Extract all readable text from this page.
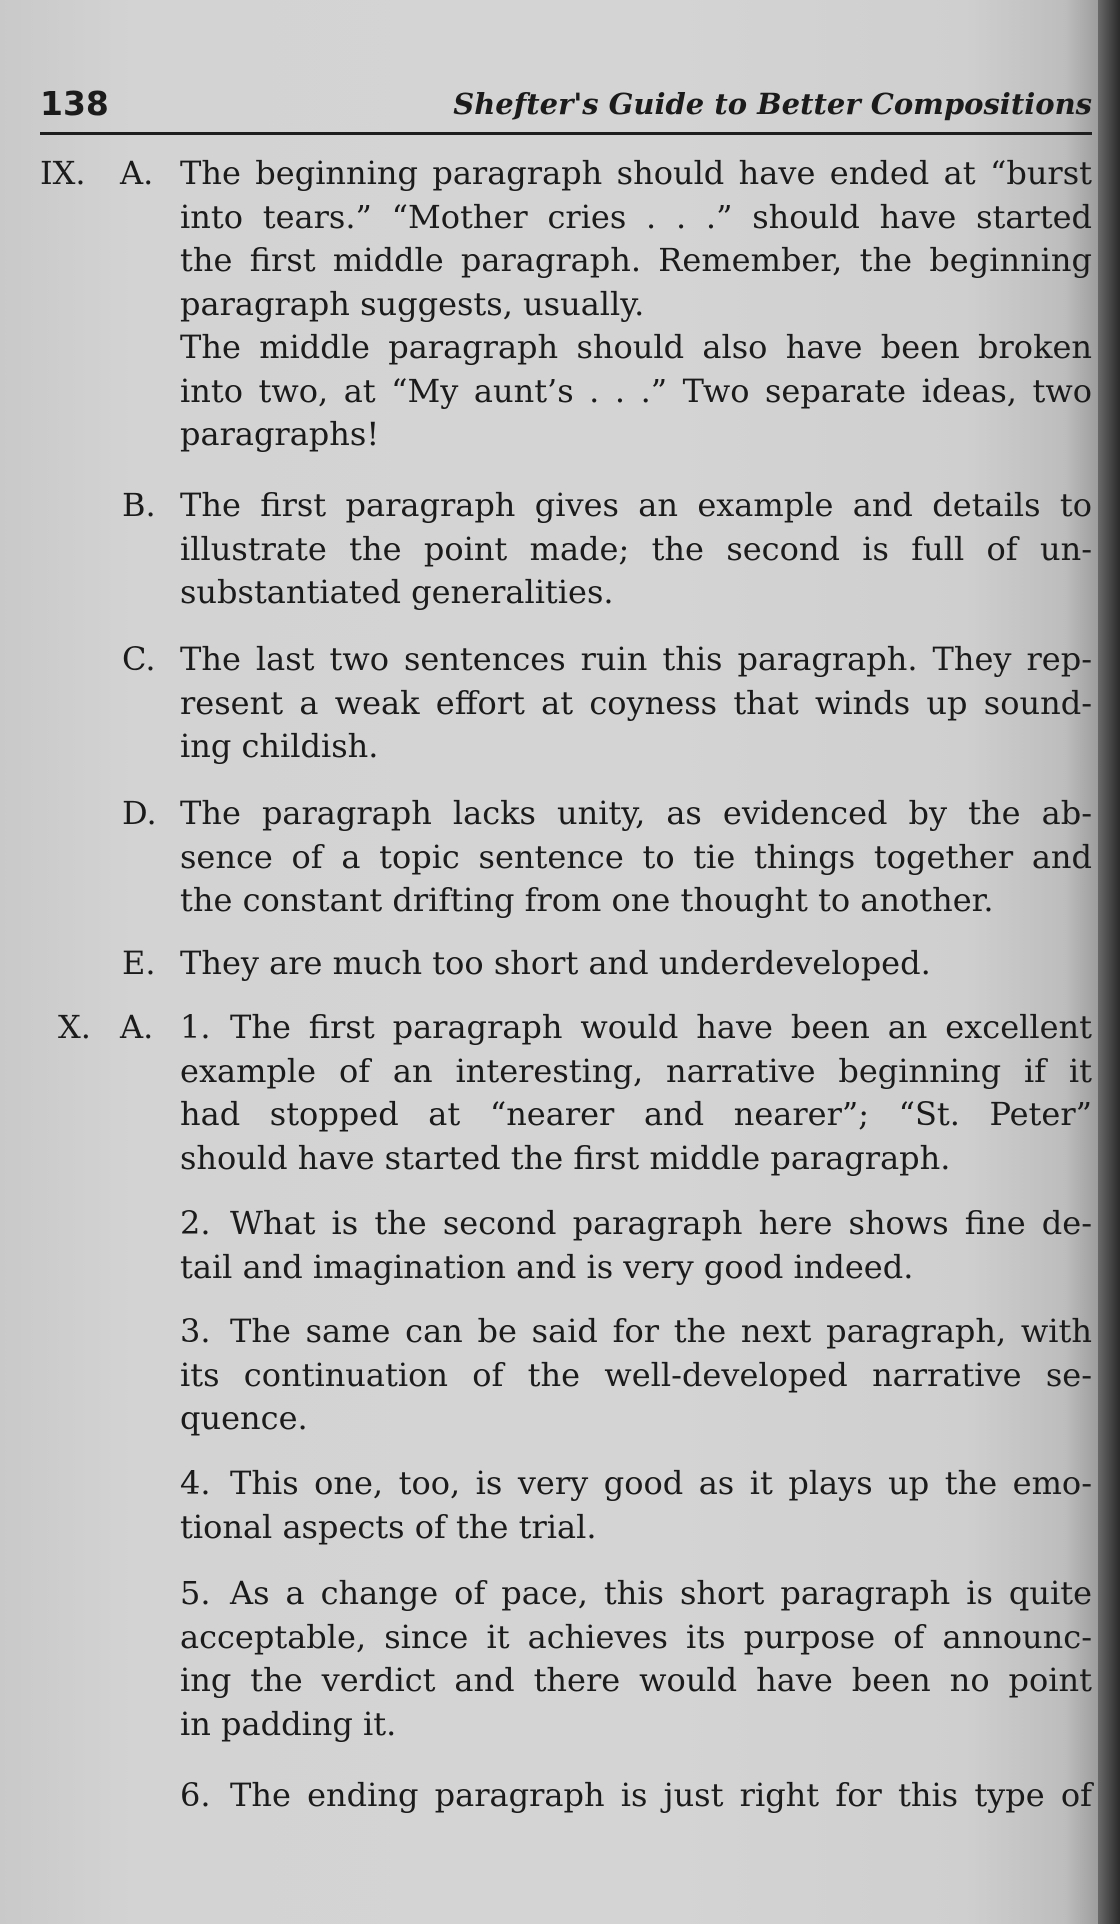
138	Shefter's Guide to Better Compositions
IX. A. The beginning paragraph should have ended at “burst
into tears.” “Mother cries . . .” should have started
the first middle paragraph. Remember, the beginning
paragraph suggests, usually.
The middle paragraph should also have been broken
into two, at “My aunt’s . . .” Two separate ideas, two
paragraphs!
B. The first paragraph gives an example and details to
illustrate the point made; the second is full of un-
substantiated generalities.
C. The last two sentences ruin this paragraph. They rep-
resent a weak effort at coyness that winds up sound-
ing childish.
D. The paragraph lacks unity, as evidenced by the ab-
sence of a topic sentence to tie things together and
the constant drifting from one thought to another.
E. They are much too short and underdeveloped.
X. A. 1. The first paragraph would have been an excellent
example of an interesting, narrative beginning if it
had stopped at “nearer and nearer”; “St. Peter”
should have started the first middle paragraph.
2. What is the second paragraph here shows fine de-
tail and imagination and is very good indeed.
3. The same can be said for the next paragraph, with
its continuation of the well-developed narrative se-
quence.
4. This one, too, is very good as it plays up the emo-
tional aspects of the trial.
5. As a change of pace, this short paragraph is quite
acceptable, since it achieves its purpose of announc-
ing the verdict and there would have been no point
in padding it.
6. The ending paragraph is just right for this type of
